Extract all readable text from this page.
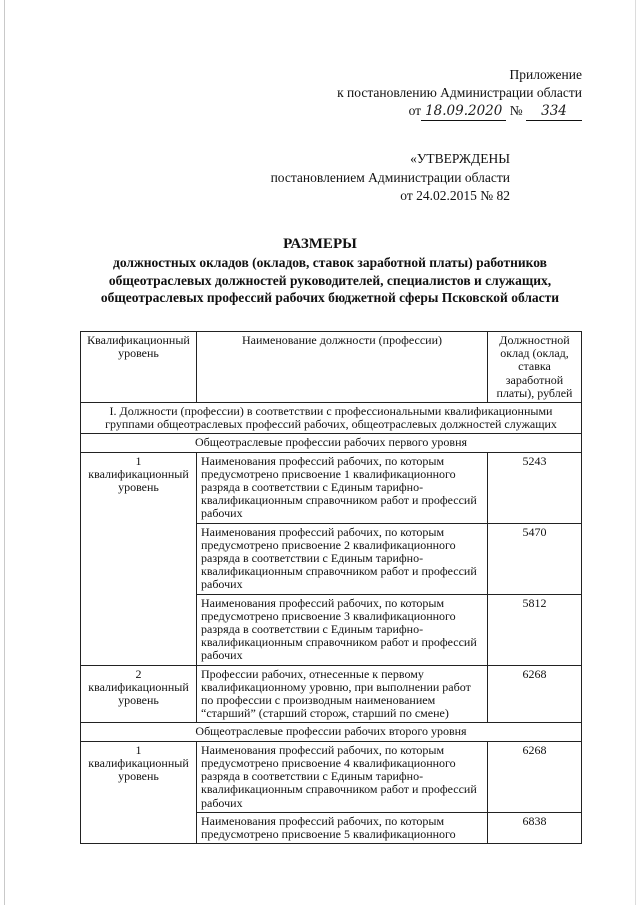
Приложение
к постановлению Администрации области
от 18.09.2020 № 334
«УТВЕРЖДЕНЫ
постановлением Администрации области
от 24.02.2015 № 82
РАЗМЕРЫ
должностных окладов (окладов, ставок заработной платы) работников общеотраслевых должностей руководителей, специалистов и служащих, общеотраслевых профессий рабочих бюджетной сферы Псковской области
Квалификационный уровень	Наименование должности (профессии)	Должностной оклад (оклад, ставка заработной платы), рублей
I. Должности (профессии) в соответствии с профессиональными квалификационными группами общеотраслевых профессий рабочих, общеотраслевых должностей служащих		
Общеотраслевые профессии рабочих первого уровня		
1 квалификационный уровень	Наименования профессий рабочих, по которым предусмотрено присвоение 1 квалификационного разряда в соответствии с Единым тарифно-квалификационным справочником работ и профессий рабочих	5243
	Наименования профессий рабочих, по которым предусмотрено присвоение 2 квалификационного разряда в соответствии с Единым тарифно-квалификационным справочником работ и профессий рабочих	5470
	Наименования профессий рабочих, по которым предусмотрено присвоение 3 квалификационного разряда в соответствии с Единым тарифно-квалификационным справочником работ и профессий рабочих	5812
2 квалификационный уровень	Профессии рабочих, отнесенные к первому квалификационному уровню, при выполнении работ по профессии с производным наименованием “старший” (старший сторож, старший по смене)	6268
Общеотраслевые профессии рабочих второго уровня		
1 квалификационный уровень	Наименования профессий рабочих, по которым предусмотрено присвоение 4 квалификационного разряда в соответствии с Единым тарифно-квалификационным справочником работ и профессий рабочих	6268
	Наименования профессий рабочих, по которым предусмотрено присвоение 5 квалификационного	6838
